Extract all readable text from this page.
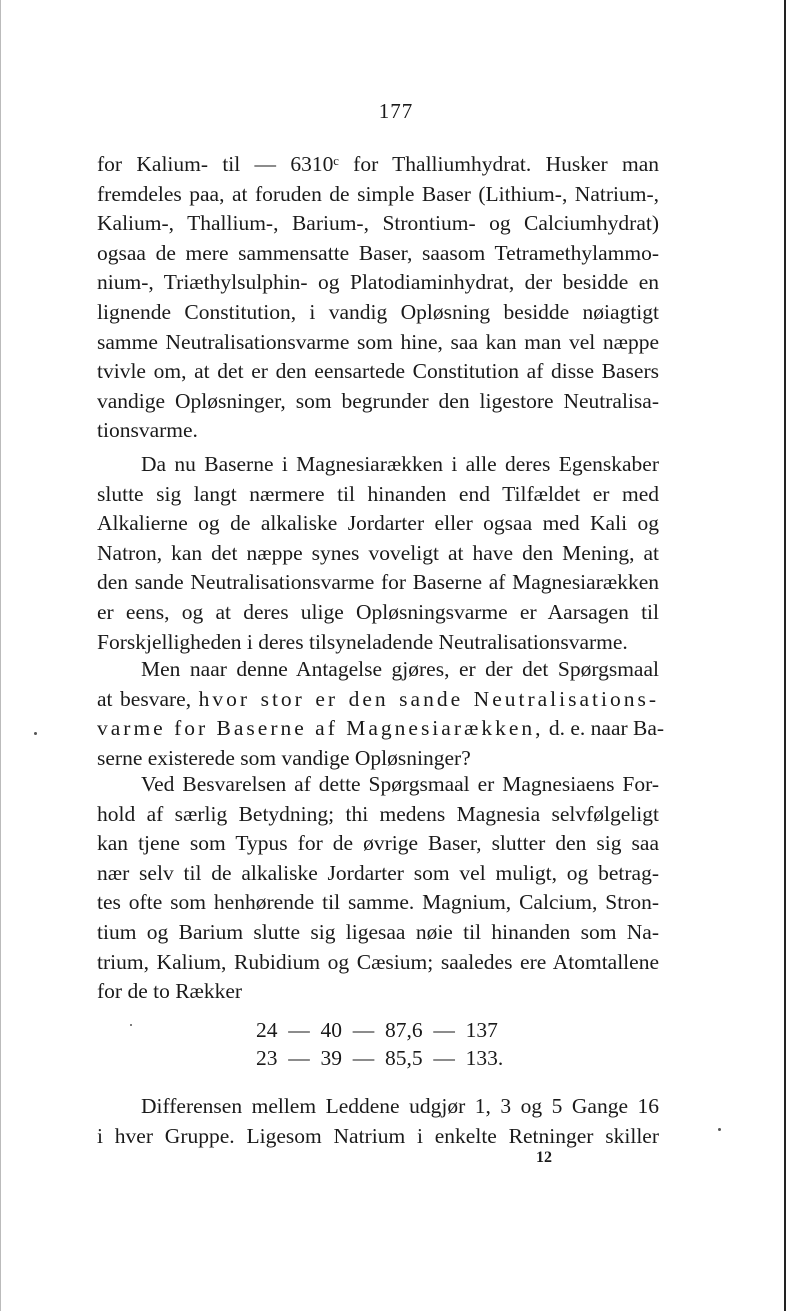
177

for Kalium- til — 6310ᶜ for Thalliumhydrat. Husker man
fremdeles paa, at foruden de simple Baser (Lithium-, Natrium-,
Kalium-, Thallium-, Barium-, Strontium- og Calciumhydrat)
ogsaa de mere sammensatte Baser, saasom Tetramethylammo-
nium-, Triæthylsulphin- og Platodiaminhydrat, der besidde en
lignende Constitution, i vandig Opløsning besidde nøiagtigt
samme Neutralisationsvarme som hine, saa kan man vel næppe
tvivle om, at det er den eensartede Constitution af disse Basers
vandige Opløsninger, som begrunder den ligestore Neutralisa-
tionsvarme.

Da nu Baserne i Magnesiarækken i alle deres Egenskaber
slutte sig langt nærmere til hinanden end Tilfældet er med
Alkalierne og de alkaliske Jordarter eller ogsaa med Kali og
Natron, kan det næppe synes voveligt at have den Mening, at
den sande Neutralisationsvarme for Baserne af Magnesiarækken
er eens, og at deres ulige Opløsningsvarme er Aarsagen til
Forskjelligheden i deres tilsyneladende Neutralisationsvarme.

Men naar denne Antagelse gjøres, er der det Spørgsmaal
at besvare, hvor stor er den sande Neutralisations-
varme for Baserne af Magnesiarækken, d. e. naar Ba-
serne existerede som vandige Opløsninger?

Ved Besvarelsen af dette Spørgsmaal er Magnesiaens For-
hold af særlig Betydning; thi medens Magnesia selvfølgeligt
kan tjene som Typus for de øvrige Baser, slutter den sig saa
nær selv til de alkaliske Jordarter som vel muligt, og betrag-
tes ofte som henhørende til samme. Magnium, Calcium, Stron-
tium og Barium slutte sig ligesaa nøie til hinanden som Na-
trium, Kalium, Rubidium og Cæsium; saaledes ere Atomtallene
for de to Rækker

24  —  40  —  87,6  —  137
23  —  39  —  85,5  —  133.

Differensen mellem Leddene udgjør 1, 3 og 5 Gange 16
i hver Gruppe. Ligesom Natrium i enkelte Retninger skiller

12
